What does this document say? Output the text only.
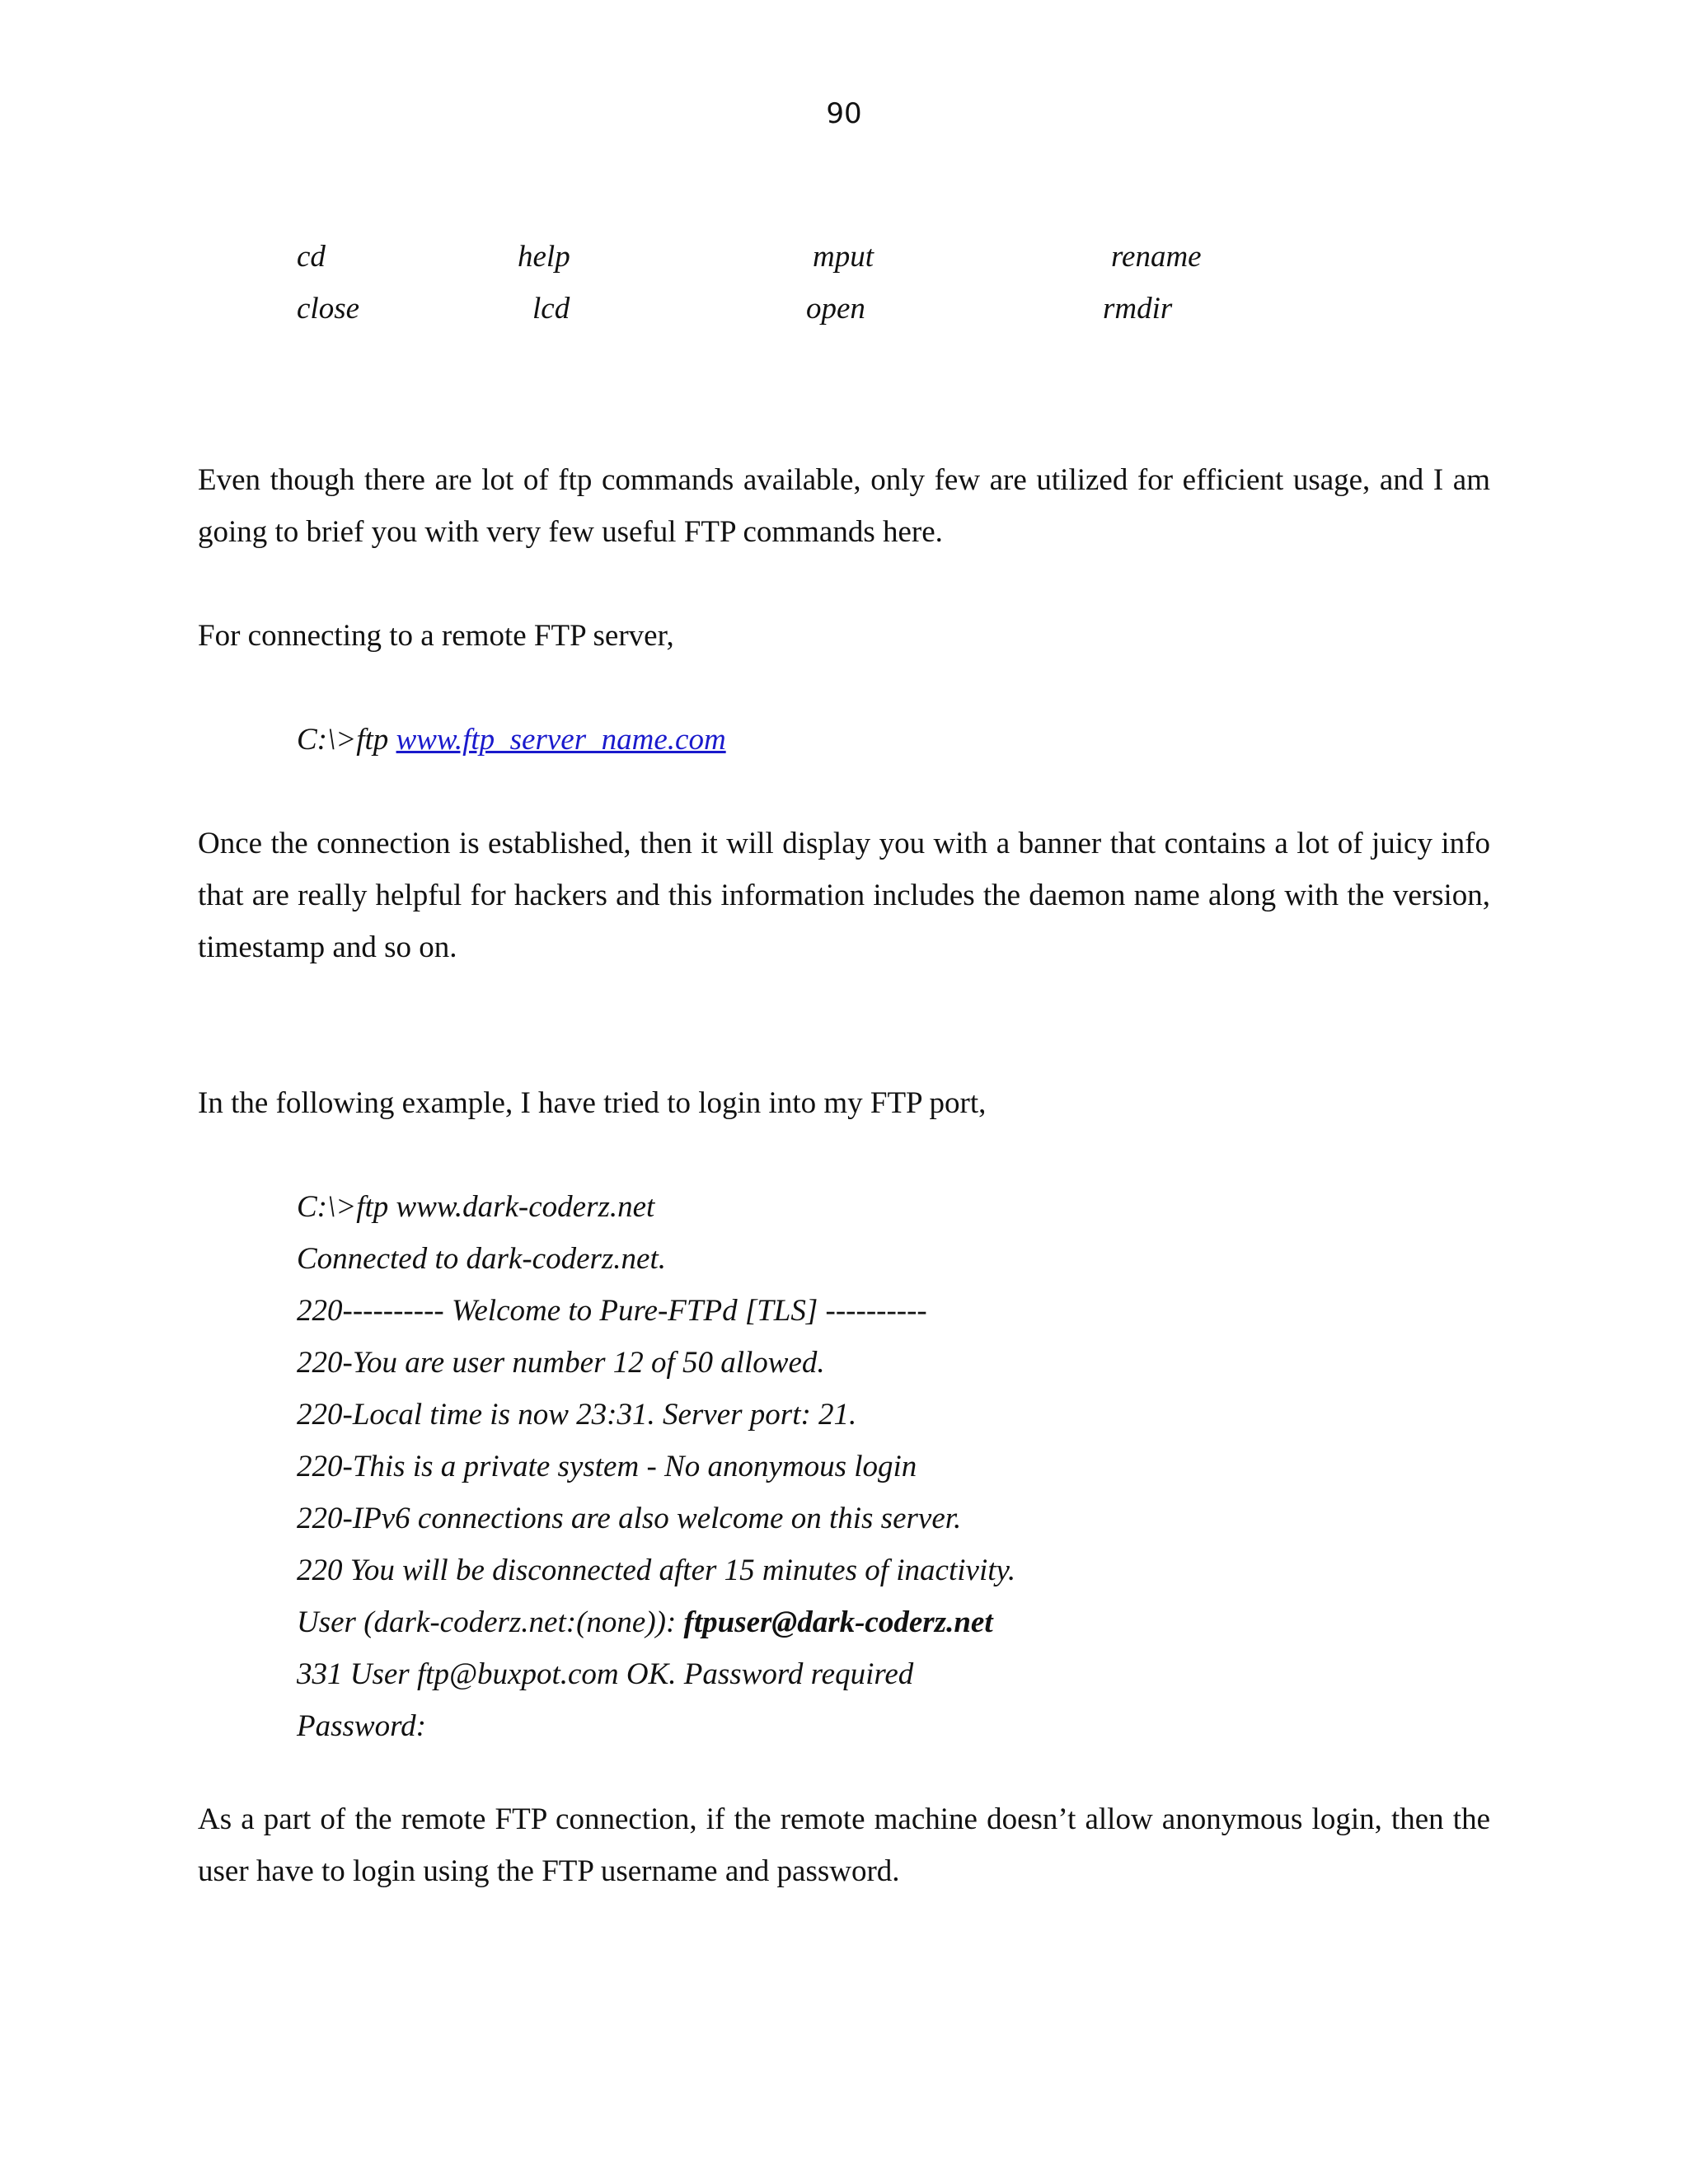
90
cd	help	mput	rename
close	lcd	open	rmdir
Even though there are lot of ftp commands available, only few are utilized for efficient usage, and I am
going to brief you with very few useful FTP commands here.
For connecting to a remote FTP server,
C:\>ftp www.ftp_server_name.com
Once the connection is established, then it will display you with a banner that contains a lot of juicy info
that are really helpful for hackers and this information includes the daemon name along with the version,
timestamp and so on.
In the following example, I have tried to login into my FTP port,
C:\>ftp www.dark-coderz.net
Connected to dark-coderz.net.
220---------- Welcome to Pure-FTPd [TLS] ----------
220-You are user number 12 of 50 allowed.
220-Local time is now 23:31. Server port: 21.
220-This is a private system - No anonymous login
220-IPv6 connections are also welcome on this server.
220 You will be disconnected after 15 minutes of inactivity.
User (dark-coderz.net:(none)): ftpuser@dark-coderz.net
331 User ftp@buxpot.com OK. Password required
Password:
As a part of the remote FTP connection, if the remote machine doesn’t allow anonymous login, then the
user have to login using the FTP username and password.
